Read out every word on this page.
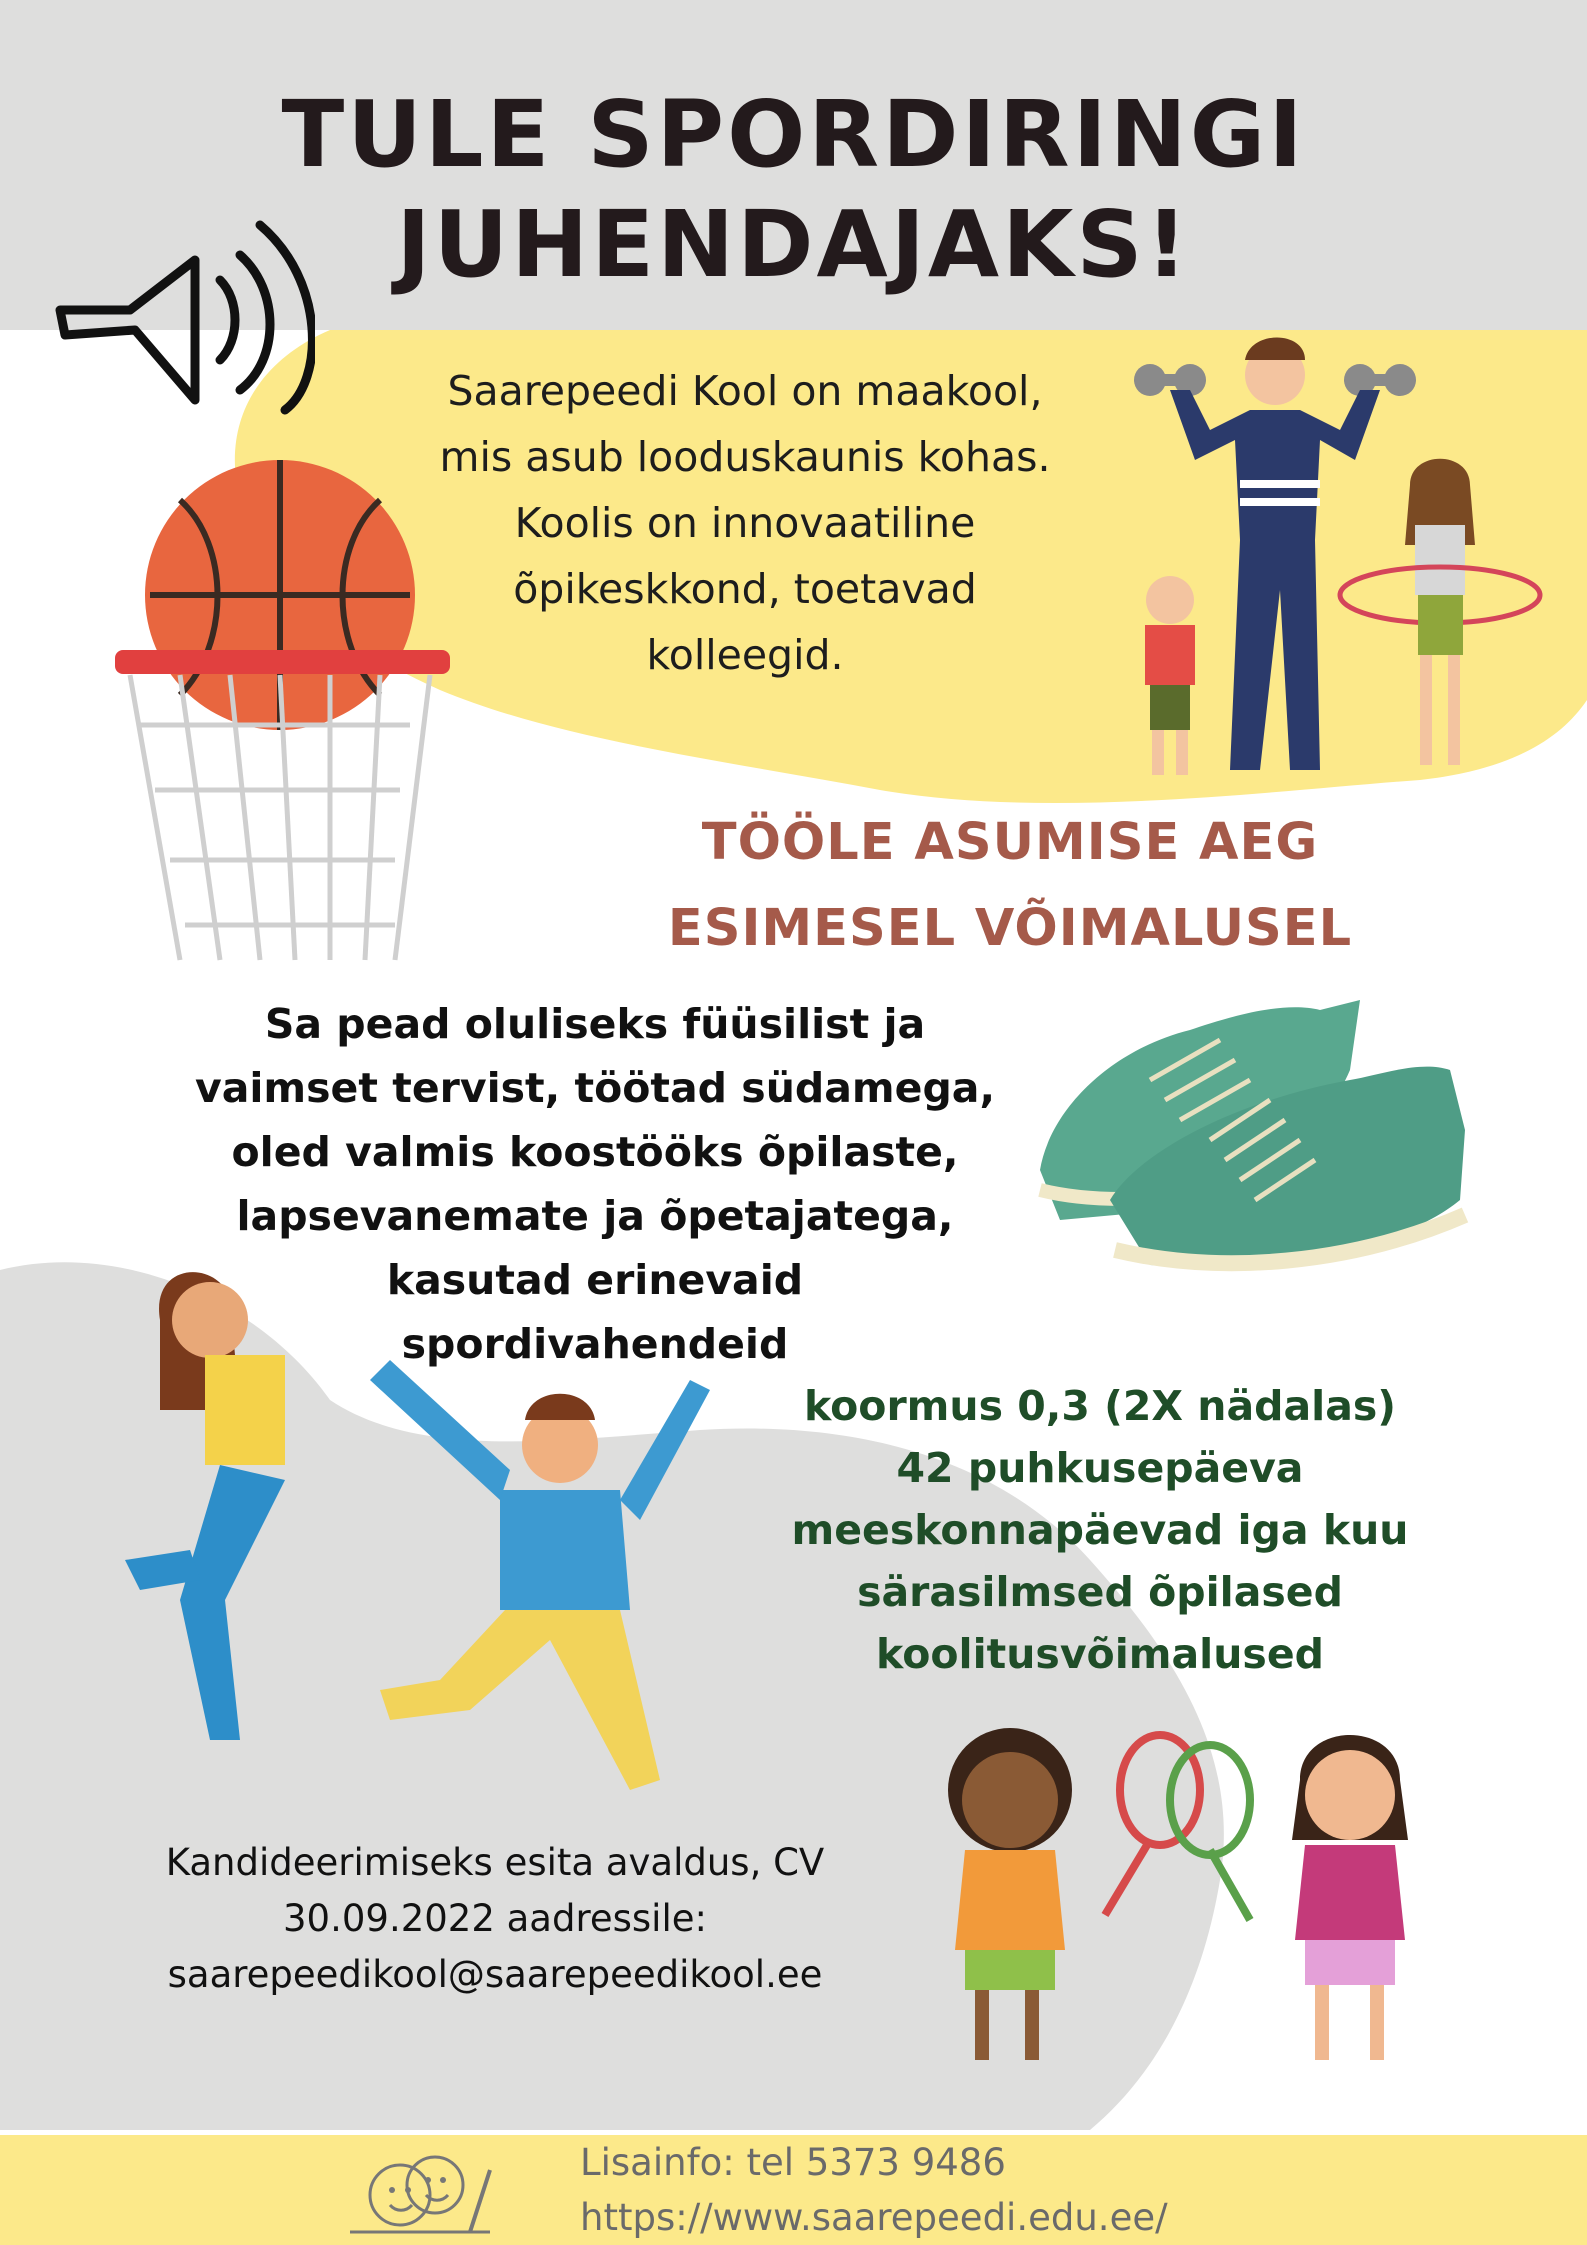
TULE SPORDIRINGI
JUHENDAJAKS!
Saarepeedi Kool on maakool,
mis asub looduskaunis kohas.
Koolis on innovaatiline
õpikeskkond, toetavad
kolleegid.
TÖÖLE ASUMISE AEG
ESIMESEL VÕIMALUSEL
Sa pead oluliseks füüsilist ja
vaimset tervist, töötad südamega,
oled valmis koostööks õpilaste,
lapsevanemate ja õpetajatega,
kasutad erinevaid
spordivahendeid
koormus 0,3 (2X nädalas)
42 puhkusepäeva
meeskonnapäevad iga kuu
särasilmsed õpilased
koolitusvõimalused
Kandideerimiseks esita avaldus, CV
30.09.2022 aadressile:
saarepeedikool@saarepeedikool.ee
Lisainfo: tel 5373 9486
https://www.saarepeedi.edu.ee/
